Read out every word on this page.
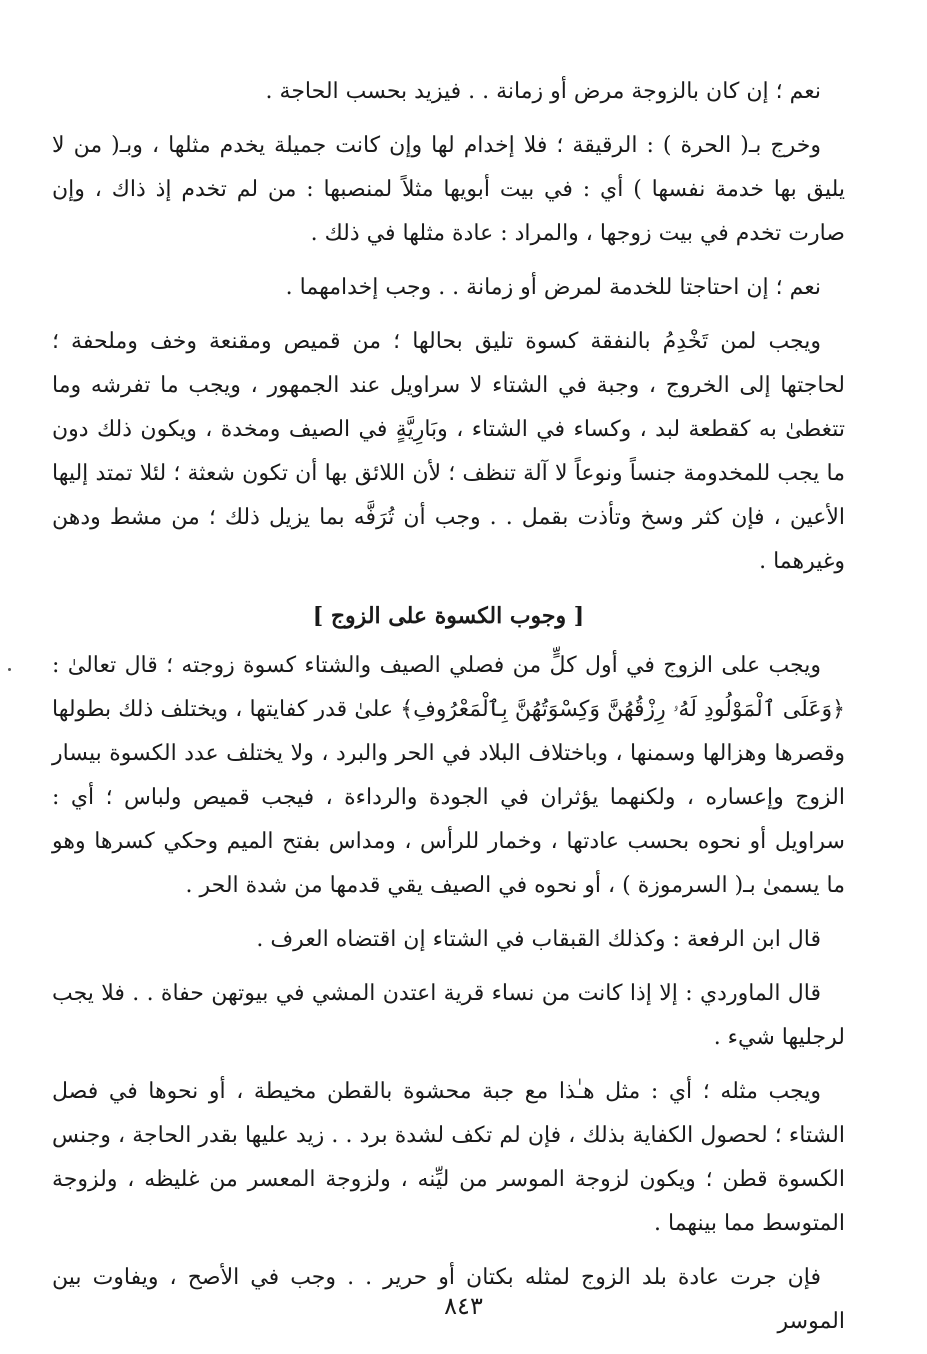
نعم ؛ إن كان بالزوجة مرض أو زمانة . . فيزيد بحسب الحاجة .

وخرج بـ( الحرة ) : الرقيقة ؛ فلا إخدام لها وإن كانت جميلة يخدم مثلها ، وبـ( من لا يليق بها خدمة نفسها ) أي : في بيت أبويها مثلاً لمنصبها : من لم تخدم إذ ذاك ، وإن صارت تخدم في بيت زوجها ، والمراد : عادة مثلها في ذلك .

نعم ؛ إن احتاجتا للخدمة لمرض أو زمانة . . وجب إخدامهما .

ويجب لمن تَخْدِمُ بالنفقة كسوة تليق بحالها ؛ من قميص ومقنعة وخف وملحفة ؛ لحاجتها إلى الخروج ، وجبة في الشتاء لا سراويل عند الجمهور ، ويجب ما تفرشه وما تتغطىٰ به كقطعة لبد ، وكساء في الشتاء ، وبَارِيَّةٍ في الصيف ومخدة ، ويكون ذلك دون ما يجب للمخدومة جنساً ونوعاً لا آلة تنظف ؛ لأن اللائق بها أن تكون شعثة ؛ لئلا تمتد إليها الأعين ، فإن كثر وسخ وتأذت بقمل . . وجب أن تُرَفَّه بما يزيل ذلك ؛ من مشط ودهن وغيرهما .

[ وجوب الكسوة على الزوج ]

ويجب على الزوج في أول كلٍّ من فصلي الصيف والشتاء كسوة زوجته ؛ قال تعالىٰ : ﴿وَعَلَى ٱلْمَوْلُودِ لَهُۥ رِزْقُهُنَّ وَكِسْوَتُهُنَّ بِٱلْمَعْرُوفِ﴾ علىٰ قدر كفايتها ، ويختلف ذلك بطولها وقصرها وهزالها وسمنها ، وباختلاف البلاد في الحر والبرد ، ولا يختلف عدد الكسوة بيسار الزوج وإعساره ، ولكنهما يؤثران في الجودة والرداءة ، فيجب قميص ولباس ؛ أي : سراويل أو نحوه بحسب عادتها ، وخمار للرأس ، ومداس بفتح الميم وحكي كسرها وهو ما يسمىٰ بـ( السرموزة ) ، أو نحوه في الصيف يقي قدمها من شدة الحر .

قال ابن الرفعة : وكذلك القبقاب في الشتاء إن اقتضاه العرف .

قال الماوردي : إلا إذا كانت من نساء قرية اعتدن المشي في بيوتهن حفاة . . فلا يجب لرجليها شيء .

ويجب مثله ؛ أي : مثل هـٰذا مع جبة محشوة بالقطن مخيطة ، أو نحوها في فصل الشتاء ؛ لحصول الكفاية بذلك ، فإن لم تكف لشدة برد . . زيد عليها بقدر الحاجة ، وجنس الكسوة قطن ؛ ويكون لزوجة الموسر من ليِّنه ، ولزوجة المعسر من غليظه ، ولزوجة المتوسط مما بينهما .

فإن جرت عادة بلد الزوج لمثله بكتان أو حرير . . وجب في الأصح ، ويفاوت بين الموسر

٨٤٣
